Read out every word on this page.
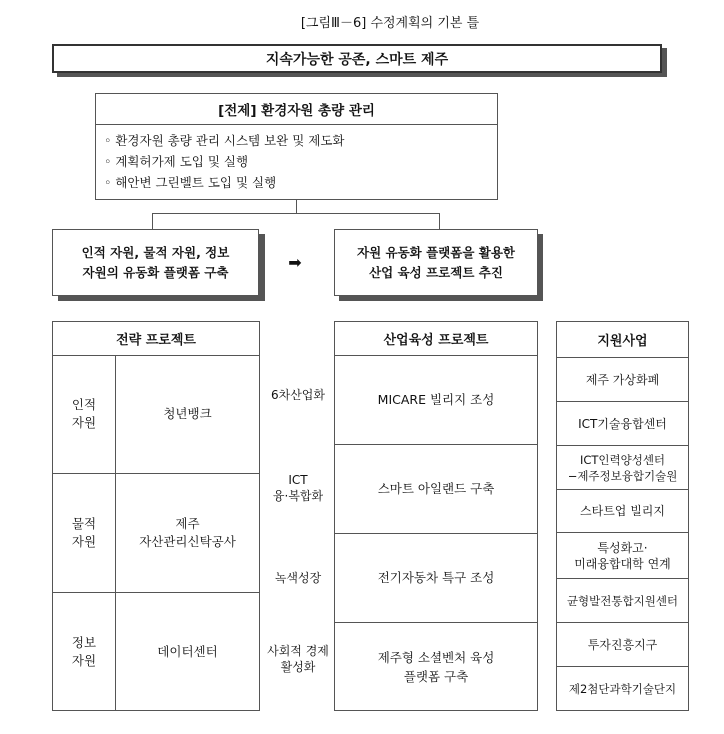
[그림Ⅲ－6] 수정계획의 기본 틀
지속가능한 공존, 스마트 제주
[전제] 환경자원 총량 관리
◦ 환경자원 총량 관리 시스템 보완 및 제도화
◦ 계획허가제 도입 및 실행
◦ 해안변 그린벨트 도입 및 실행
인적 자원, 물적 자원, 정보
자원의 유동화 플랫폼 구축
➡
자원 유동화 플랫폼을 활용한
산업 육성 프로젝트 추진
전략 프로젝트
인적
자원
청년뱅크
물적
자원
제주
자산관리신탁공사
정보
자원
데이터센터
6차산업화
ICT
융·복합화
녹색성장
사회적 경제
활성화
산업육성 프로젝트
MICARE 빌리지 조성
스마트 아일랜드 구축
전기자동차 특구 조성
제주형 소셜벤처 육성
플랫폼 구축
지원사업
제주 가상화폐
ICT기술융합센터
ICT인력양성센터
−제주정보융합기술원
스타트업 빌리지
특성화고·
미래융합대학 연계
균형발전통합지원센터
투자진흥지구
제2첨단과학기술단지
